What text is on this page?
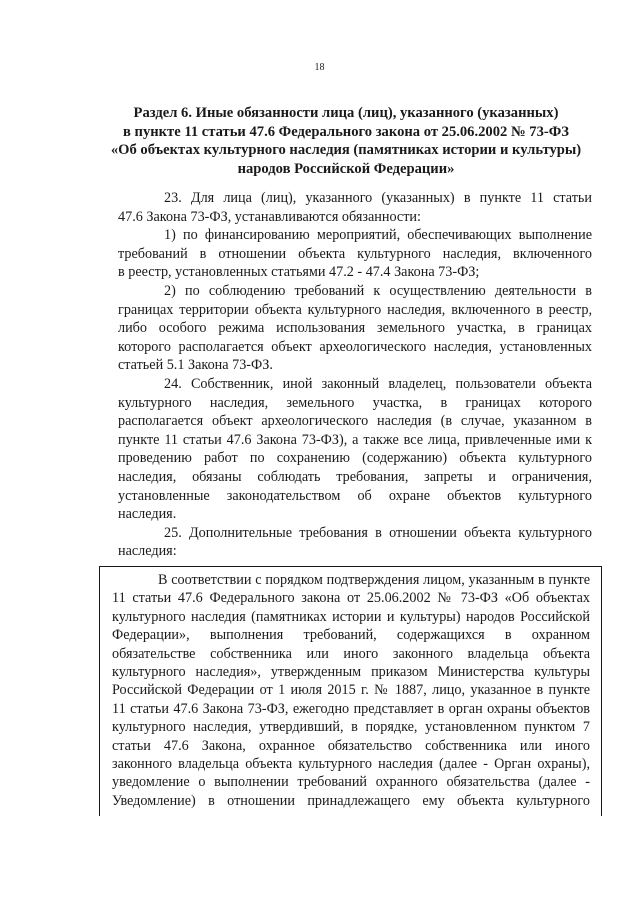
18
Раздел 6. Иные обязанности лица (лиц), указанного (указанных)
в пункте 11 статьи 47.6 Федерального закона от 25.06.2002 № 73-ФЗ
«Об объектах культурного наследия (памятниках истории и культуры)
народов Российской Федерации»

23. Для лица (лиц), указанного (указанных) в пункте 11 статьи
47.6 Закона 73-ФЗ, устанавливаются обязанности:

1) по финансированию мероприятий, обеспечивающих выполнение
требований в отношении объекта культурного наследия, включенного
в реестр, установленных статьями 47.2 - 47.4 Закона 73-ФЗ;

2) по соблюдению требований к осуществлению деятельности в
границах территории объекта культурного наследия, включенного в реестр,
либо особого режима использования земельного участка, в границах
которого располагается объект археологического наследия, установленных
статьей 5.1 Закона 73-ФЗ.

24. Собственник, иной законный владелец, пользователи объекта
культурного наследия, земельного участка, в границах которого
располагается объект археологического наследия (в случае, указанном в
пункте 11 статьи 47.6 Закона 73-ФЗ), а также все лица, привлеченные ими к
проведению работ по сохранению (содержанию) объекта культурного
наследия, обязаны соблюдать требования, запреты и ограничения,
установленные законодательством об охране объектов культурного
наследия.

25. Дополнительные требования в отношении объекта культурного
наследия:

В соответствии с порядком подтверждения лицом, указанным в пункте
11 статьи 47.6 Федерального закона от 25.06.2002 № 73-ФЗ «Об объектах
культурного наследия (памятниках истории и культуры) народов Российской
Федерации», выполнения требований, содержащихся в охранном
обязательстве собственника или иного законного владельца объекта
культурного наследия», утвержденным приказом Министерства культуры
Российской Федерации от 1 июля 2015 г. № 1887, лицо, указанное в пункте
11 статьи 47.6 Закона 73-ФЗ, ежегодно представляет в орган охраны объектов
культурного наследия, утвердивший, в порядке, установленном пунктом 7
статьи 47.6 Закона, охранное обязательство собственника или иного
законного владельца объекта культурного наследия (далее - Орган охраны),
уведомление о выполнении требований охранного обязательства (далее -
Уведомление) в отношении принадлежащего ему объекта культурного
